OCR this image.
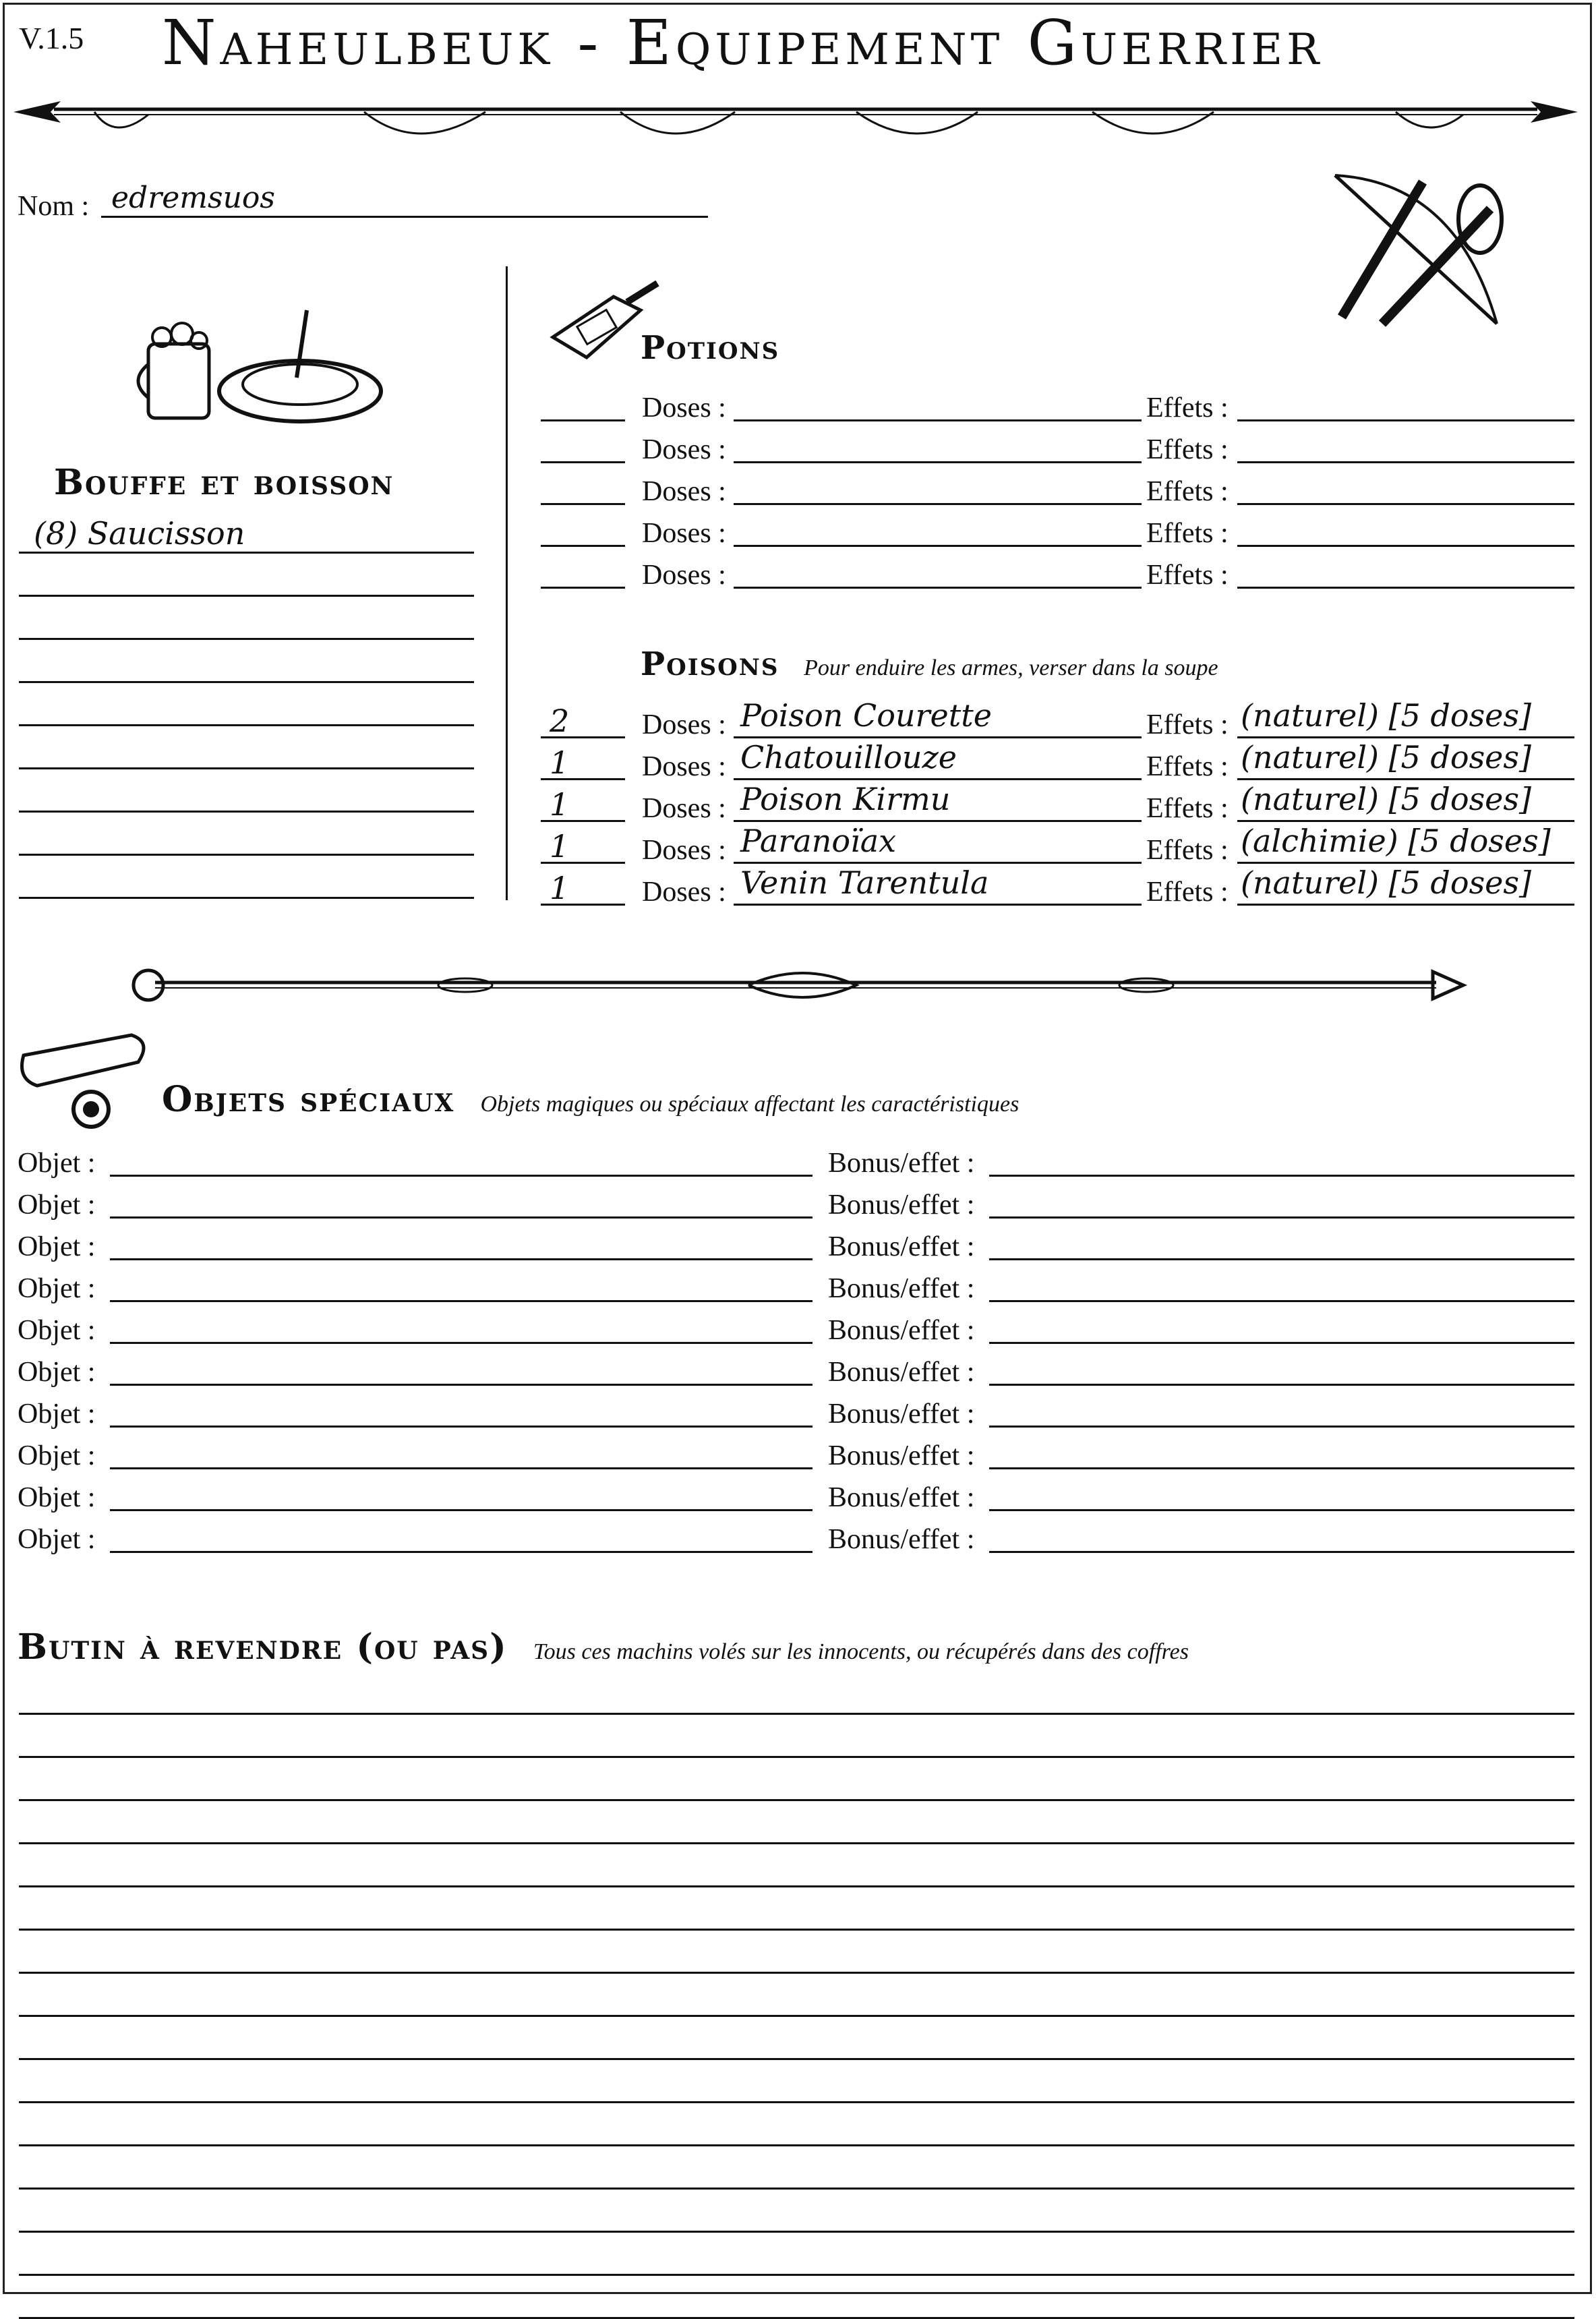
V.1.5 Naheulbeuk - Equipement Guerrier
Nom : edremsuos
Bouffe et boisson
(8) Saucisson
Potions
Doses :	Effets :
Doses :	Effets :
Doses :	Effets :
Doses :	Effets :
Doses :	Effets :
Poisons Pour enduire les armes, verser dans la soupe
2	Doses : Poison Courette	Effets : (naturel) [5 doses]
1	Doses : Chatouillouze	Effets : (naturel) [5 doses]
1	Doses : Poison Kirmu	Effets : (naturel) [5 doses]
1	Doses : Paranoïax	Effets : (alchimie) [5 doses]
1	Doses : Venin Tarentula	Effets : (naturel) [5 doses]
Objets spéciaux Objets magiques ou spéciaux affectant les caractéristiques
Objet :	Bonus/effet :
Objet :	Bonus/effet :
Objet :	Bonus/effet :
Objet :	Bonus/effet :
Objet :	Bonus/effet :
Objet :	Bonus/effet :
Objet :	Bonus/effet :
Objet :	Bonus/effet :
Objet :	Bonus/effet :
Objet :	Bonus/effet :
Butin à revendre (ou pas) Tous ces machins volés sur les innocents, ou récupérés dans des coffres
